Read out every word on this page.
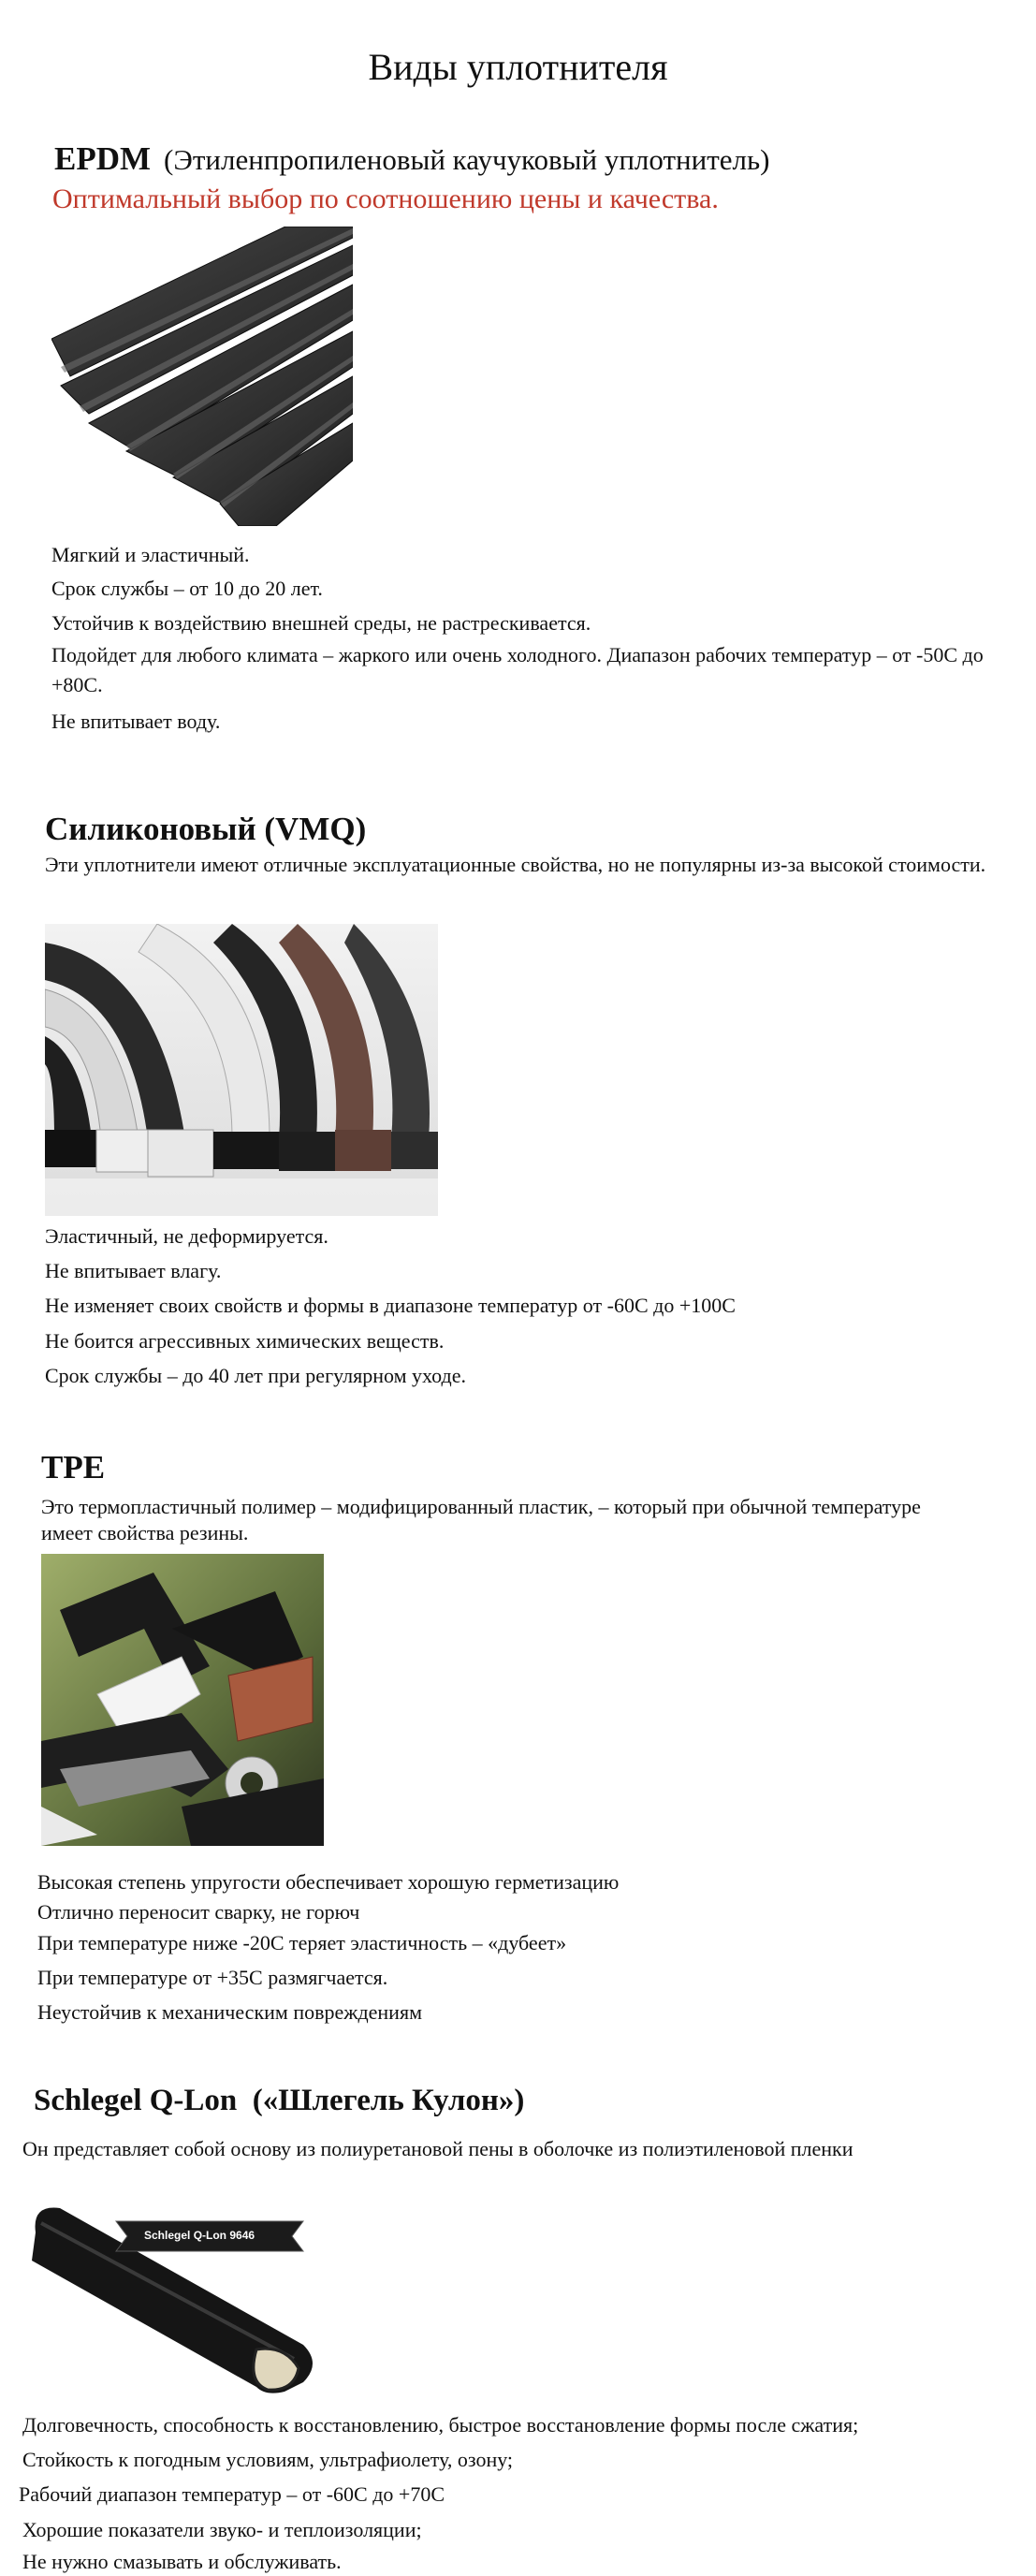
Виды уплотнителя
EPDM (Этиленпропиленовый каучуковый уплотнитель)
Оптимальный выбор по соотношению цены и качества.
Мягкий и эластичный.
Срок службы – от 10 до 20 лет.
Устойчив к воздействию внешней среды, не растрескивается.
Подойдет для любого климата – жаркого или очень холодного. Диапазон рабочих температур – от -50С до +80С.
Не впитывает воду.
Силиконовый (VMQ)
Эти уплотнители имеют отличные эксплуатационные свойства, но не популярны из-за высокой стоимости.
Эластичный, не деформируется.
Не впитывает влагу.
Не изменяет своих свойств и формы в диапазоне температур от -60С до +100С
Не боится агрессивных химических веществ.
Срок службы – до 40 лет при регулярном уходе.
TPE
Это термопластичный полимер – модифицированный пластик, – который при обычной температуре имеет свойства резины.
Высокая степень упругости обеспечивает хорошую герметизацию
Отлично переносит сварку, не горюч
При температуре ниже -20С теряет эластичность – «дубеет»
При температуре от +35С размягчается.
Неустойчив к механическим повреждениям
Schlegel Q-Lon  («Шлегель Кулон»)
Он представляет собой основу из полиуретановой пены в оболочке из полиэтиленовой пленки
Schlegel Q-Lon 9646
Долговечность, способность к восстановлению, быстрое восстановление формы после сжатия;
Стойкость к погодным условиям, ультрафиолету, озону;
Рабочий диапазон температур – от -60С до +70С
Хорошие показатели звуко- и теплоизоляции;
Не нужно смазывать и обслуживать.
